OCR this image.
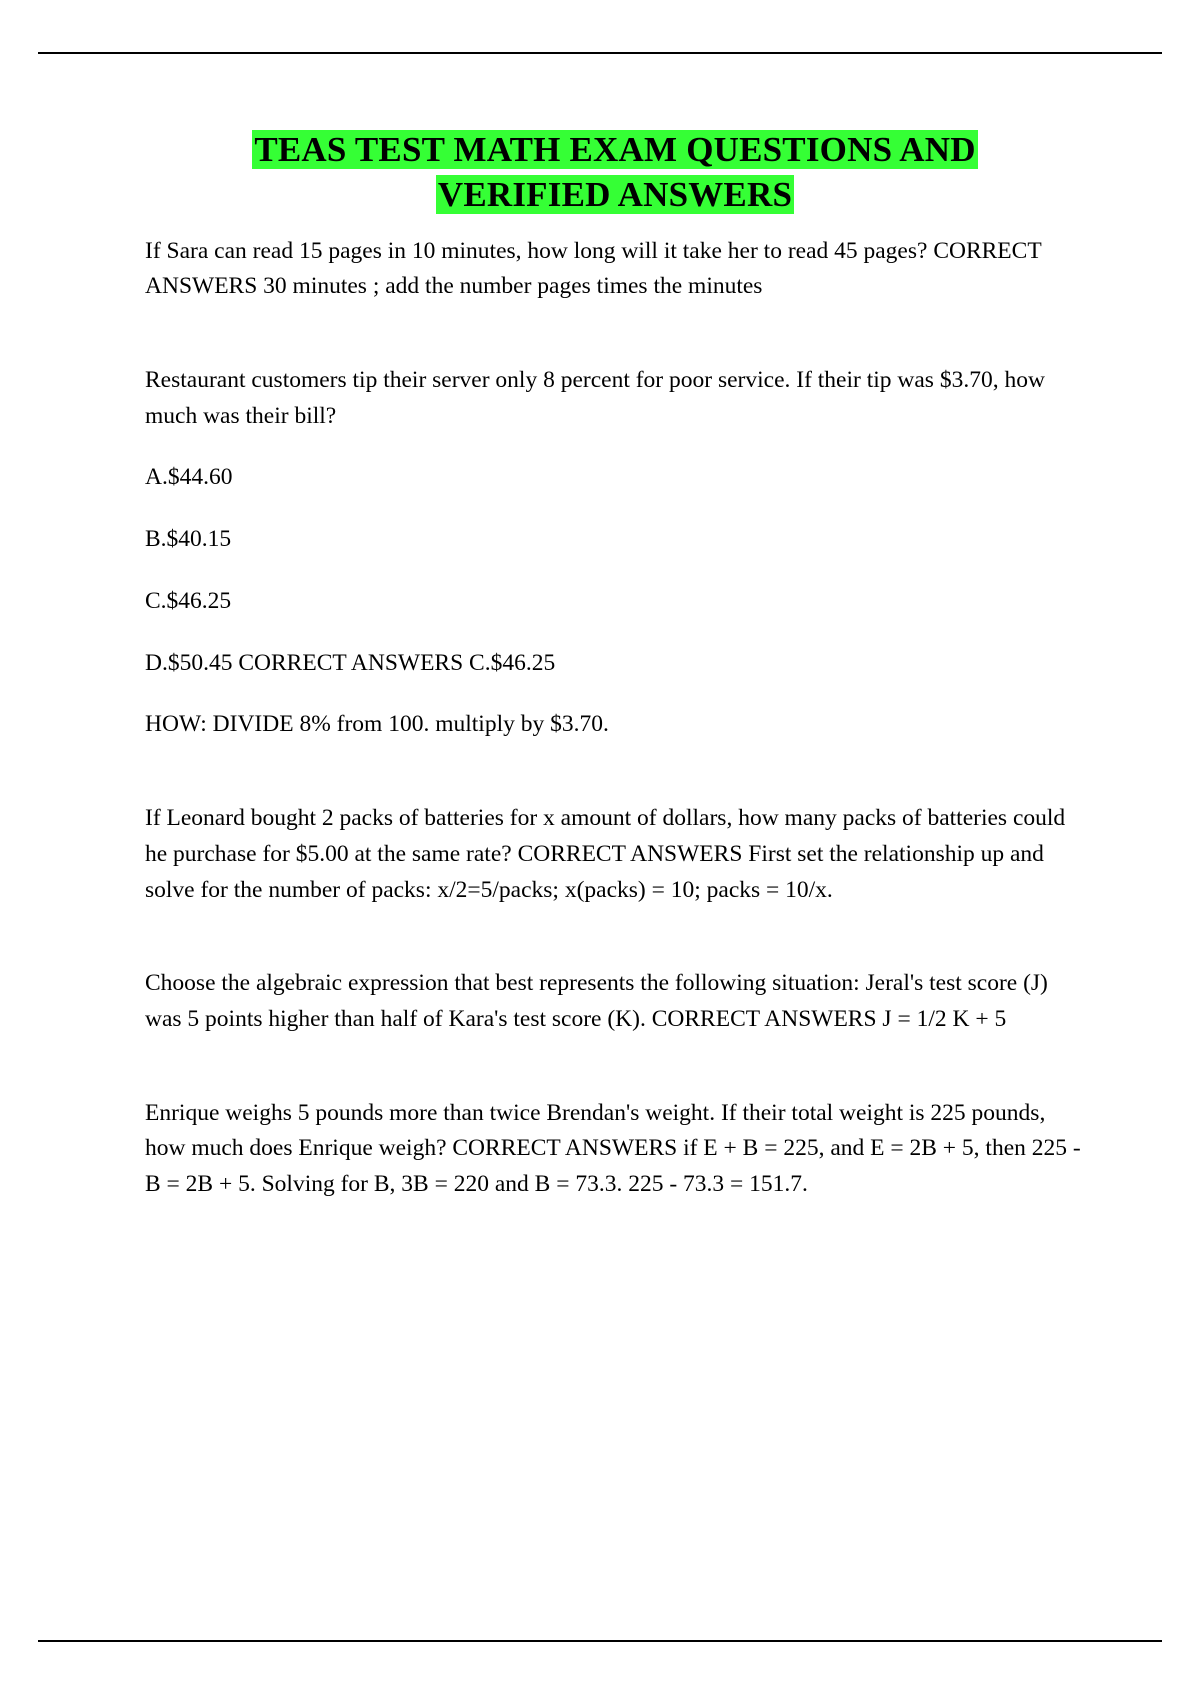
TEAS TEST MATH EXAM QUESTIONS AND
VERIFIED ANSWERS

If Sara can read 15 pages in 10 minutes, how long will it take her to read 45 pages? CORRECT ANSWERS 30 minutes ; add the number pages times the minutes

Restaurant customers tip their server only 8 percent for poor service. If their tip was $3.70, how much was their bill?

A.$44.60

B.$40.15

C.$46.25

D.$50.45 CORRECT ANSWERS C.$46.25

HOW: DIVIDE 8% from 100. multiply by $3.70.

If Leonard bought 2 packs of batteries for x amount of dollars, how many packs of batteries could he purchase for $5.00 at the same rate? CORRECT ANSWERS First set the relationship up and solve for the number of packs: x/2=5/packs; x(packs) = 10; packs = 10/x.

Choose the algebraic expression that best represents the following situation: Jeral's test score (J) was 5 points higher than half of Kara's test score (K). CORRECT ANSWERS J = 1/2 K + 5

Enrique weighs 5 pounds more than twice Brendan's weight. If their total weight is 225 pounds, how much does Enrique weigh? CORRECT ANSWERS if E + B = 225, and E = 2B + 5, then 225 - B = 2B + 5. Solving for B, 3B = 220 and B = 73.3. 225 - 73.3 = 151.7.
